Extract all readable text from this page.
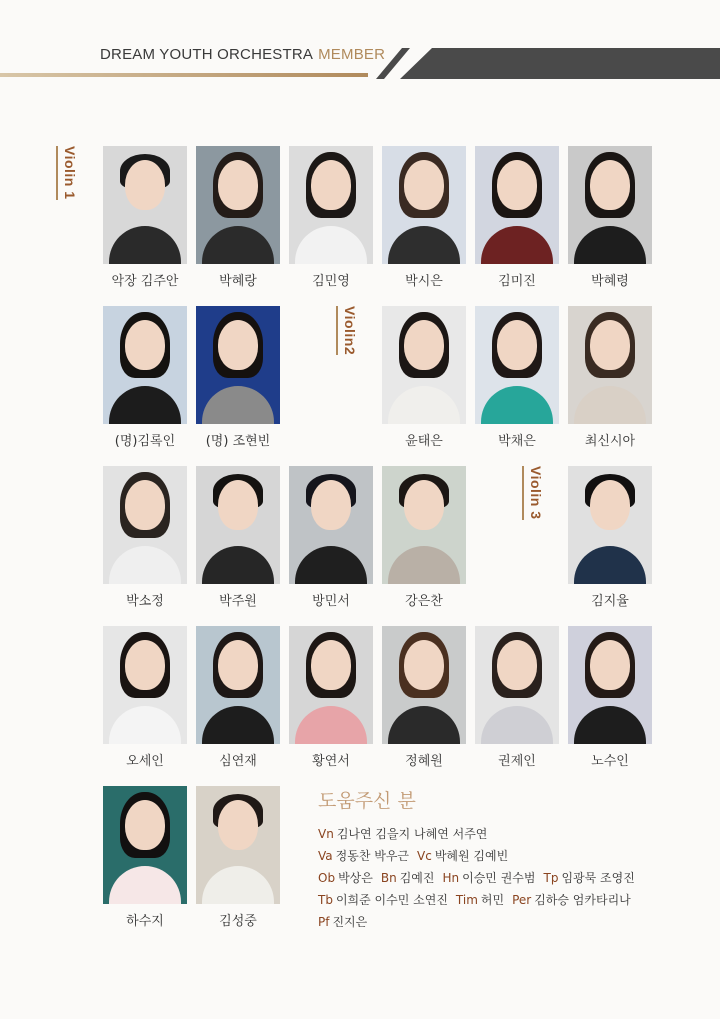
DREAM YOUTH ORCHESTRA MEMBER
Violin 1
Violin2
Violin 3
악장 김주안	박혜랑	김민영	박시은	김미진	박혜령
(명)김록인	(명) 조현빈	윤태은	박채은	최신시아
박소정	박주원	방민서	강은찬	김지율
오세인	심연재	황연서	정혜원	권제인	노수인
하수지	김성중
도움주신 분
Vn 김나연 김을지 나혜연 서주연
Va 정동찬 박우근 Vc 박혜원 김예빈
Ob 박상은 Bn 김예진 Hn 이승민 권수범 Tp 임광묵 조영진
Tb 이희준 이수민 소연진 Tim 허민 Per 김하승 엄카타리나
Pf 진지은
